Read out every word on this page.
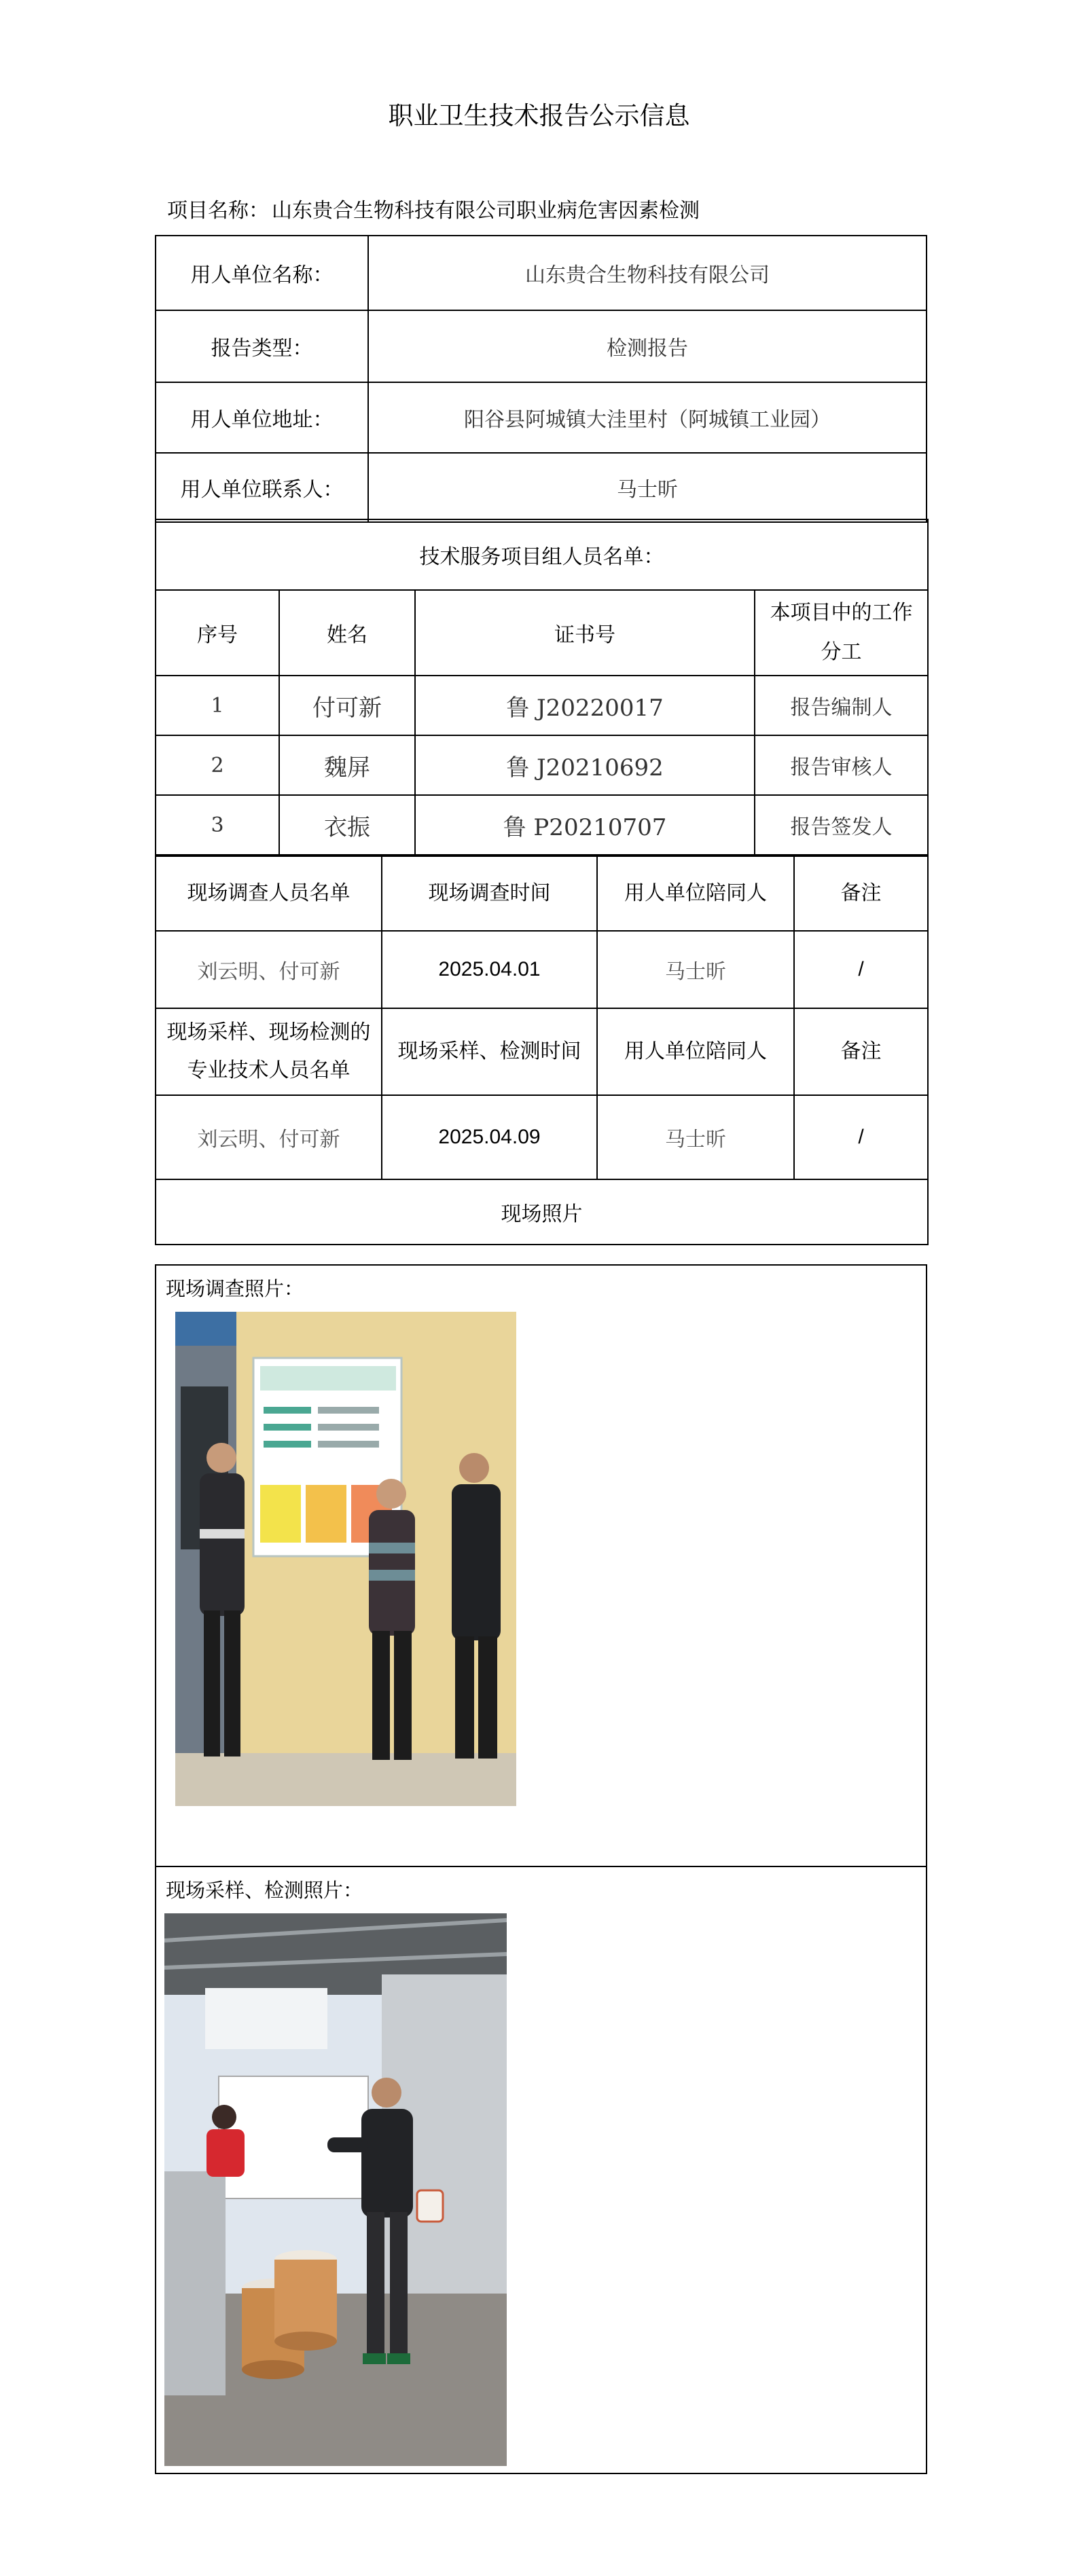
职业卫生技术报告公示信息
项目名称： 山东贵合生物科技有限公司职业病危害因素检测
用人单位名称：	山东贵合生物科技有限公司
报告类型：	检测报告
用人单位地址：	阳谷县阿城镇大洼里村（阿城镇工业园）
用人单位联系人：	马士昕
技术服务项目组人员名单：			
序号	姓名	证书号	本项目中的工作分工
1	付可新	鲁 J20220017	报告编制人
2	魏屏	鲁 J20210692	报告审核人
3	衣振	鲁 P20210707	报告签发人
现场调查人员名单	现场调查时间	用人单位陪同人	备注
刘云明、付可新	2025.04.01	马士昕	/
现场采样、现场检测的专业技术人员名单	现场采样、检测时间	用人单位陪同人	备注
刘云明、付可新	2025.04.09	马士昕	/
现场照片			
现场调查照片：
现场采样、检测照片：
